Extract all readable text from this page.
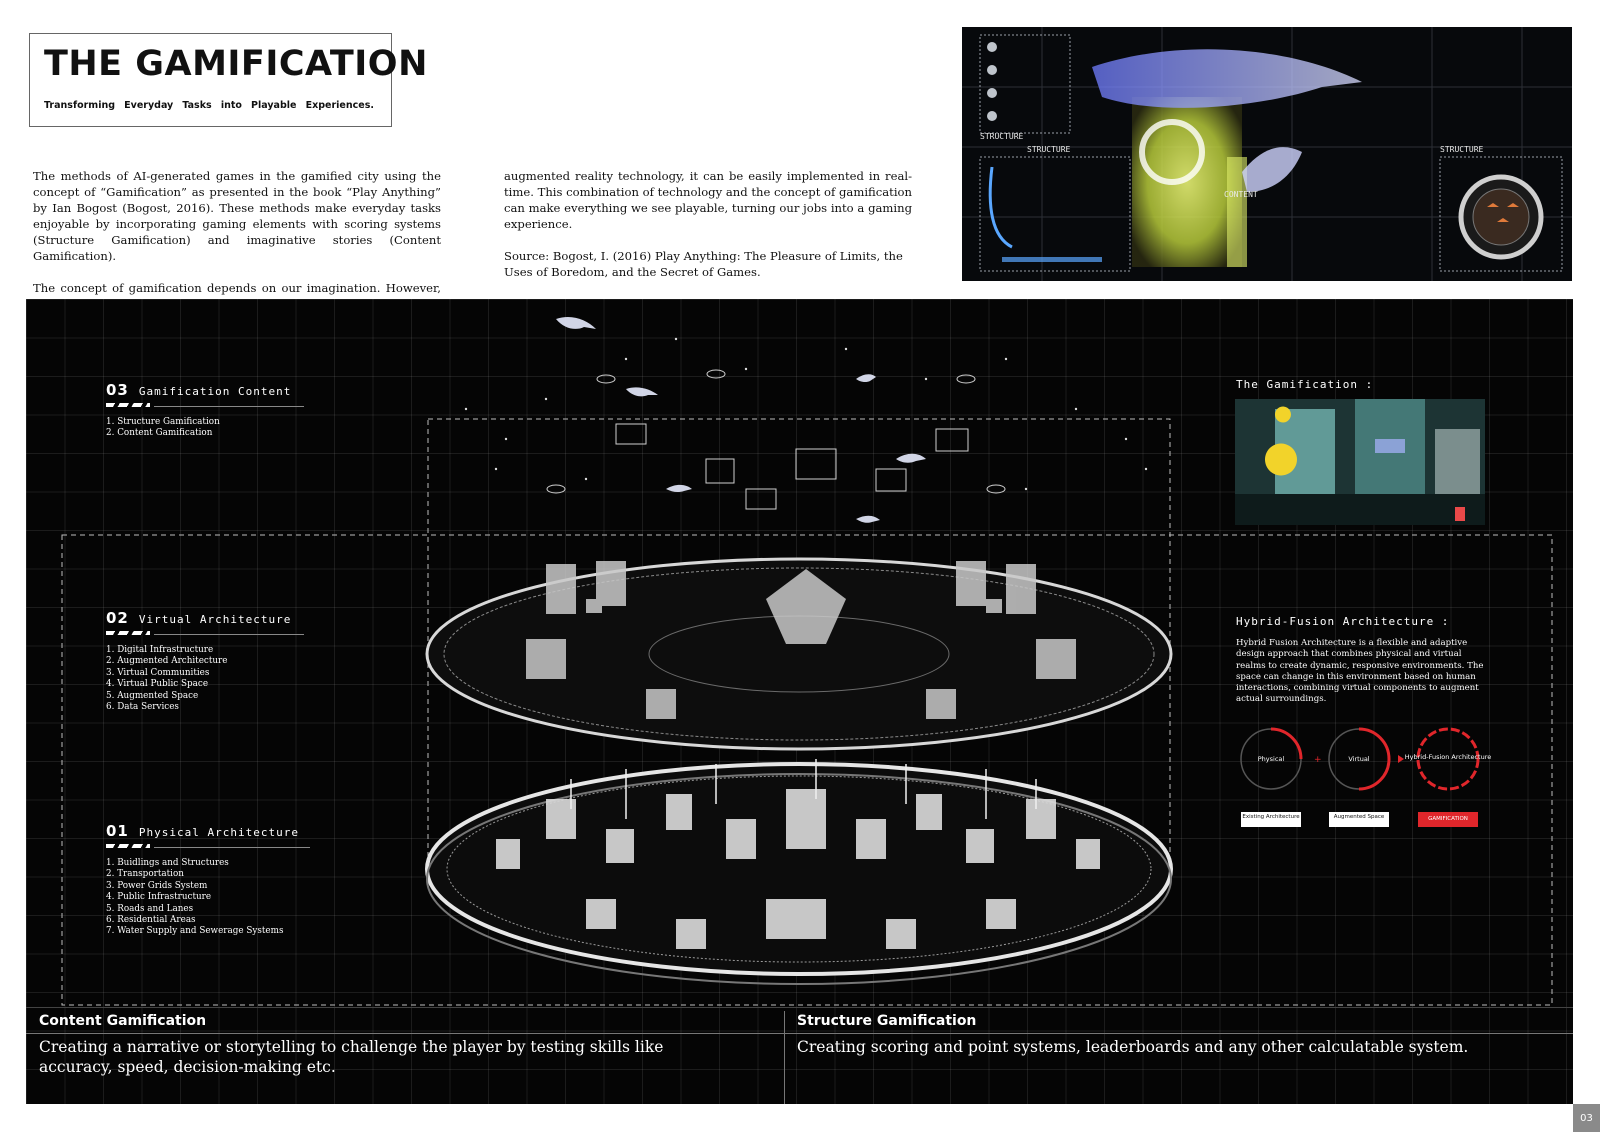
THE GAMIFICATION
Transforming Everyday Tasks into Playable Experiences.

The methods of AI-generated games in the gamified city using the concept of “Gamification” as presented in the book “Play Anything” by Ian Bogost (Bogost, 2016). These methods make everyday tasks enjoyable by incorporating gaming elements with scoring systems (Structure Gamification) and imaginative stories (Content Gamification).

The concept of gamification depends on our imagination. However,

augmented reality technology, it can be easily implemented in real-time. This combination of technology and the concept of gamification can make everything we see playable, turning our jobs into a gaming experience.

Source: Bogost, I. (2016) Play Anything: The Pleasure of Limits, the Uses of Boredom, and the Secret of Games.

STRUCTURE
STRUCTURE	STRUCTURE
CONTENT
03 Gamification Content
1. Structure Gamification
2. Content Gamification
02 Virtual Architecture
1. Digital Infrastructure
2. Augmented Architecture
3. Virtual Communities
4. Virtual Public Space
5. Augmented Space
6. Data Services
01 Physical Architecture
1. Buidlings and Structures
2. Transportation
3. Power Grids System
4. Public Infrastructure
5. Roads and Lanes
6. Residential Areas
7. Water Supply and Sewerage Systems
The Gamification :
Hybrid-Fusion Architecture :

Hybrid Fusion Architecture is a flexible and adaptive design approach that combines physical and virtual realms to create dynamic, responsive environments. The space can change in this environment based on human interactions, combining virtual components to augment actual surroundings.

Physical	+	Virtual	Hybrid-Fusion Architecture
Existing Architecture	Augmented Space	GAMIFICATION
Content Gamification

Creating a narrative or storytelling to challenge the player by testing skills like accuracy, speed, decision-making etc.

Structure Gamification

Creating scoring and point systems, leaderboards and any other calculatable system.

03
